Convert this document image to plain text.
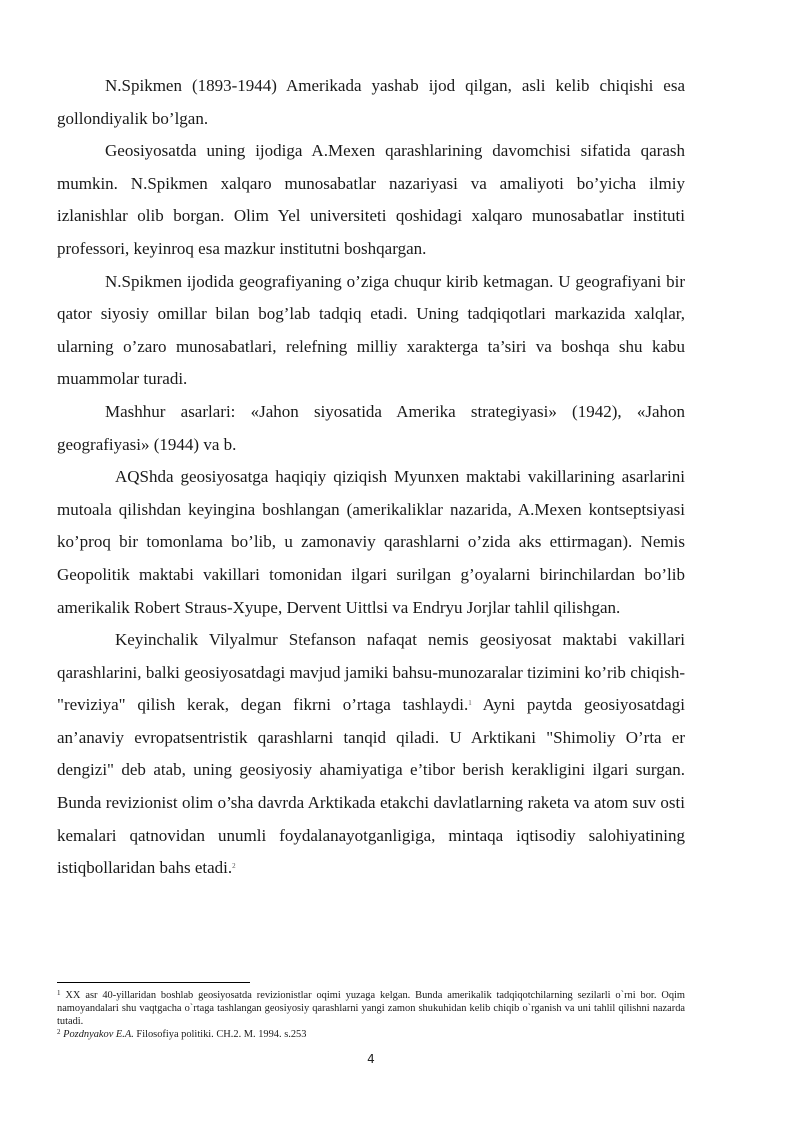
N.Spikmen (1893-1944) Amerikada yashab ijod qilgan, asli kelib chiqishi esa gollondiyalik bo’lgan.

Geosiyosatda uning ijodiga A.Mexen qarashlarining davomchisi sifatida qarash mumkin. N.Spikmen xalqaro munosabatlar nazariyasi va amaliyoti bo’yicha ilmiy izlanishlar olib borgan. Olim Yel universiteti qoshidagi xalqaro munosabatlar instituti professori, keyinroq esa mazkur institutni boshqargan.

N.Spikmen ijodida geografiyaning o’ziga chuqur kirib ketmagan. U geografiyani bir qator siyosiy omillar bilan bog’lab tadqiq etadi. Uning tadqiqotlari markazida xalqlar, ularning o’zaro munosabatlari, relefning milliy xarakterga ta’siri va boshqa shu kabu muammolar turadi.

Mashhur asarlari: «Jahon siyosatida Amerika strategiyasi» (1942), «Jahon geografiyasi» (1944) va b.

AQShda geosiyosatga haqiqiy qiziqish Myunxen maktabi vakillarining asarlarini mutoala qilishdan keyingina boshlangan (amerikaliklar nazarida, A.Mexen kontseptsiyasi ko’proq bir tomonlama bo’lib, u zamonaviy qarashlarni o’zida aks ettirmagan). Nemis Geopolitik maktabi vakillari tomonidan ilgari surilgan g’oyalarni birinchilardan bo’lib amerikalik Robert Straus-Xyupe, Dervent Uittlsi va Endryu Jorjlar tahlil qilishgan.

Keyinchalik Vilyalmur Stefanson nafaqat nemis geosiyosat maktabi vakillari qarashlarini, balki geosiyosatdagi mavjud jamiki bahsu-munozaralar tizimini ko’rib chiqish-"reviziya" qilish kerak, degan fikrni o’rtaga tashlaydi.$^1$ Ayni paytda geosiyosatdagi an’anaviy evropatsentristik qarashlarni tanqid qiladi. U Arktikani "Shimoliy O’rta er dengizi" deb atab, uning geosiyosiy ahamiyatiga e’tibor berish kerakligini ilgari surgan. Bunda revizionist olim o’sha davrda Arktikada etakchi davlatlarning raketa va atom suv osti kemalari qatnovidan unumli foydalanayotganligiga, mintaqa iqtisodiy salohiyatining istiqbollaridan bahs etadi.$^2$

$^1$ XX asr 40-yillaridan boshlab geosiyosatda revizionistlar oqimi yuzaga kelgan. Bunda amerikalik tadqiqotchilarning sezilarli o`rni bor. Oqim namoyandalari shu vaqtgacha o`rtaga tashlangan geosiyosiy qarashlarni yangi zamon shukuhidan kelib chiqib o`rganish va uni tahlil qilishni nazarda tutadi.

$^2$ Pozdnyakov E.A. Filosofiya politiki. CH.2. M. 1994. s.253

4
